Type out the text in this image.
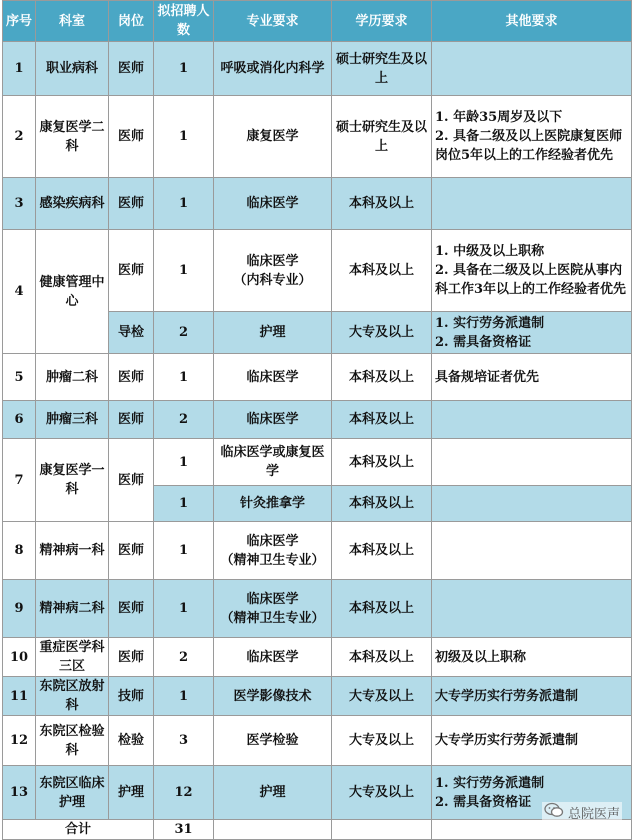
序号	科室	岗位	拟招聘人数	专业要求	学历要求	其他要求
1	职业病科	医师	1	呼吸或消化内科学	硕士研究生及以上	
2	康复医学二科	医师	1	康复医学	硕士研究生及以上	1. 年龄35周岁及以下
2. 具备二级及以上医院康复医师岗位5年以上的工作经验者优先

3	感染疾病科	医师	1	临床医学	本科及以上	
4	健康管理中心	医师	1	临床医学
（内科专业）	本科及以上	1. 中级及以上职称
2. 具备在二级及以上医院从事内科工作3年以上的工作经验者优先

		导检	2	护理	大专及以上	1. 实行劳务派遣制
2. 需具备资格证

5	肿瘤二科	医师	1	临床医学	本科及以上	具备规培证者优先
6	肿瘤三科	医师	2	临床医学	本科及以上	
7	康复医学一科	医师	1	临床医学或康复医学	本科及以上	
			1	针灸推拿学	本科及以上	
8	精神病一科	医师	1	临床医学
（精神卫生专业）	本科及以上	
9	精神病二科	医师	1	临床医学
（精神卫生专业）	本科及以上	
10	重症医学科三区	医师	2	临床医学	本科及以上	初级及以上职称
11	东院区放射科	技师	1	医学影像技术	大专及以上	大专学历实行劳务派遣制
12	东院区检验科	检验	3	医学检验	大专及以上	大专学历实行劳务派遣制
13	东院区临床护理	护理	12	护理	大专及以上	1. 实行劳务派遣制
2. 需具备资格证

合计			31			
总院医声
